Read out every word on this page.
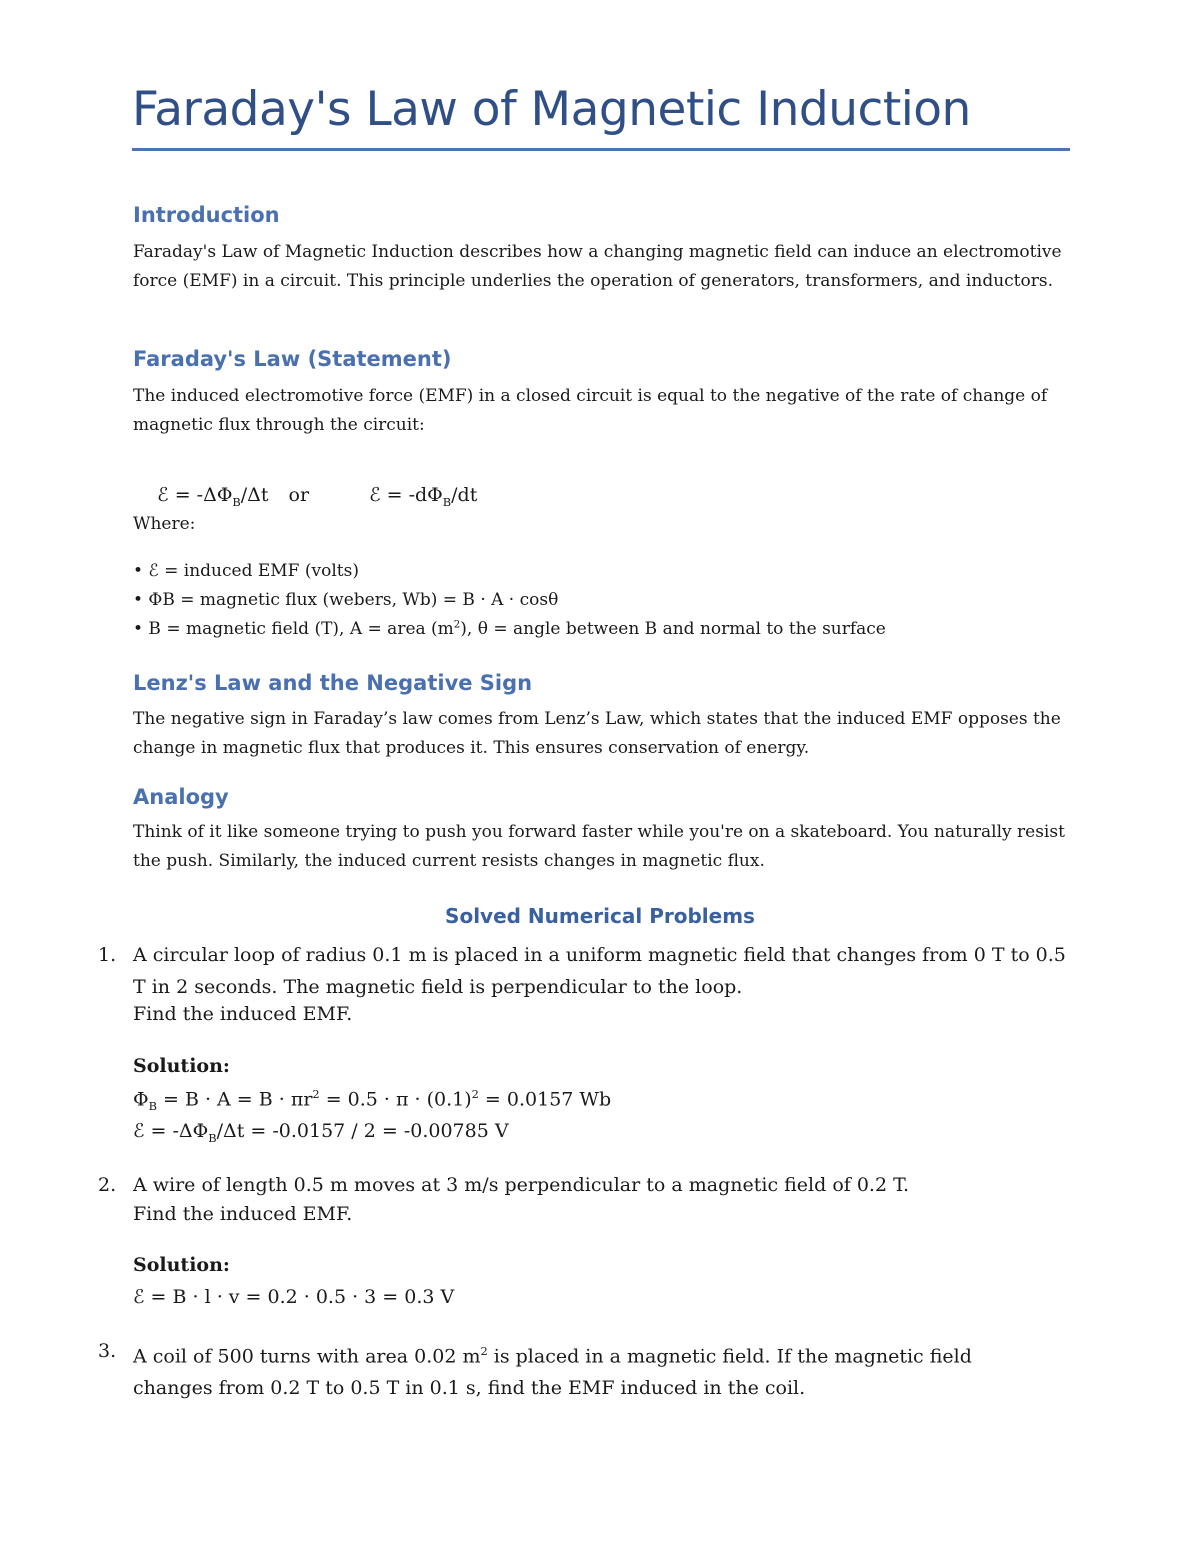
Faraday's Law of Magnetic Induction
Introduction
Faraday's Law of Magnetic Induction describes how a changing magnetic field can induce an electromotive force (EMF) in a circuit. This principle underlies the operation of generators, transformers, and inductors.
Faraday's Law (Statement)
The induced electromotive force (EMF) in a closed circuit is equal to the negative of the rate of change of magnetic flux through the circuit:

ℰ = $-\Delta\Phi_B/\Delta t$ or	ℰ = $-d\Phi_B/dt$

Where:
• ℰ = induced EMF (volts)
• ΦB = magnetic flux (webers, Wb) = B · A · cosθ
• B = magnetic field (T), A = area $(m^2)$, θ = angle between B and normal to the surface
Lenz's Law and the Negative Sign
The negative sign in Faraday’s law comes from Lenz’s Law, which states that the induced EMF opposes the change in magnetic flux that produces it. This ensures conservation of energy.
Analogy
Think of it like someone trying to push you forward faster while you're on a skateboard. You naturally resist the push. Similarly, the induced current resists changes in magnetic flux.
Solved Numerical Problems
1. A circular loop of radius 0.1 m is placed in a uniform magnetic field that changes from 0 T to 0.5 T in 2 seconds. The magnetic field is perpendicular to the loop.
Find the induced EMF.
Solution:
$\Phi_B = B \cdot A = B \cdot \pi r^2 = 0.5 \cdot \pi \cdot (0.1)^2 = 0.0157$ Wb
ℰ = $-\Delta\Phi_B/\Delta t = -0.0157 / 2 = -0.00785$ V
2. A wire of length 0.5 m moves at 3 m/s perpendicular to a magnetic field of 0.2 T.
Find the induced EMF.
Solution:
ℰ = B · l · v = 0.2 · 0.5 · 3 = 0.3 V
3. A coil of 500 turns with area 0.02 $m^2$ is placed in a magnetic field. If the magnetic field changes from 0.2 T to 0.5 T in 0.1 s, find the EMF induced in the coil.
